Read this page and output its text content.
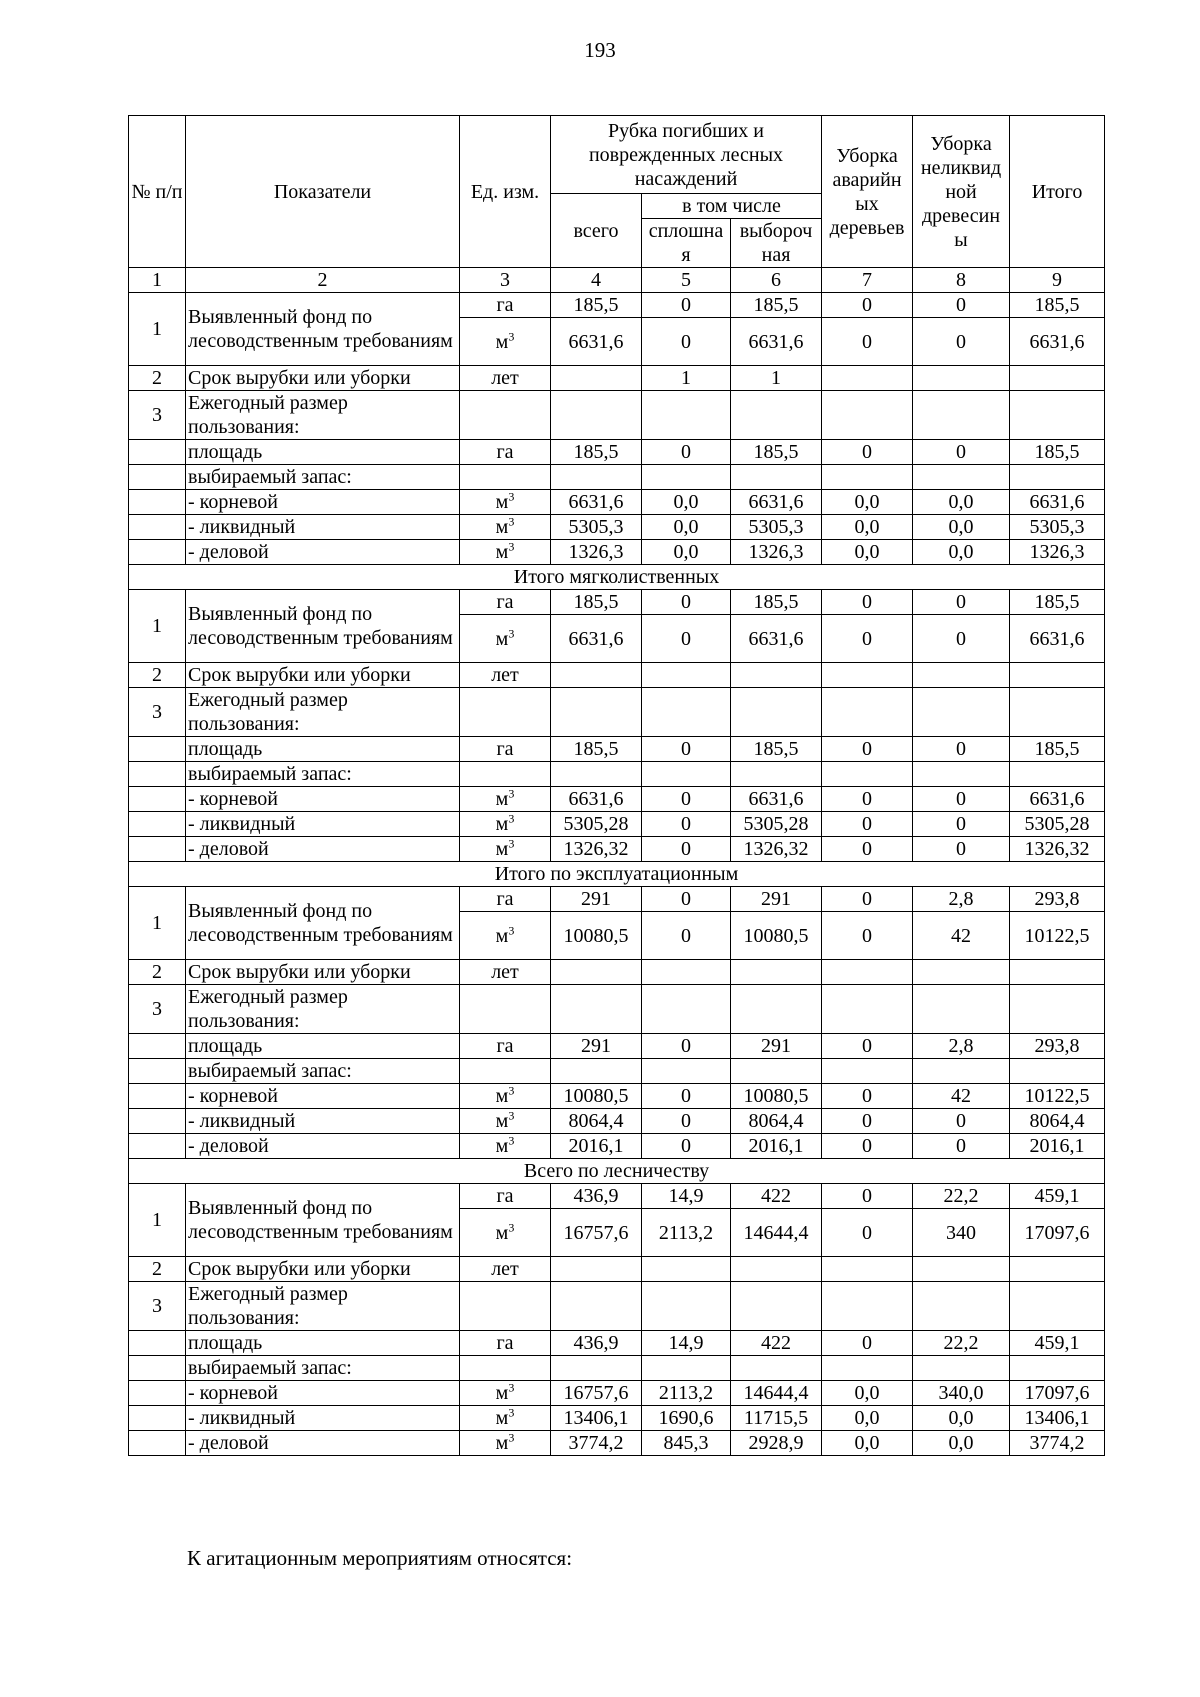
193
№ п/п	Показатели	Ед. изм.	Рубка погибших и поврежденных лесных насаждений			Уборка аварийн ых деревьев	Уборка неликвид ной древесин ы	Итого
			всего	в том числе				
				сплошна я	выбороч ная			
1	2	3	4	5	6	7	8	9
1	Выявленный фонд по лесоводственным требованиям	га	185,5	0	185,5	0	0	185,5
		$м^3$	6631,6	0	6631,6	0	0	6631,6
2	Срок вырубки или уборки	лет		1	1			
3	Ежегодный размер пользования:							
	площадь	га	185,5	0	185,5	0	0	185,5
	выбираемый запас:							
	- корневой	$м^3$	6631,6	0,0	6631,6	0,0	0,0	6631,6
	- ликвидный	$м^3$	5305,3	0,0	5305,3	0,0	0,0	5305,3
	- деловой	$м^3$	1326,3	0,0	1326,3	0,0	0,0	1326,3
Итого мягколиственных								
1	Выявленный фонд по лесоводственным требованиям	га	185,5	0	185,5	0	0	185,5
		$м^3$	6631,6	0	6631,6	0	0	6631,6
2	Срок вырубки или уборки	лет						
3	Ежегодный размер пользования:							
	площадь	га	185,5	0	185,5	0	0	185,5
	выбираемый запас:							
	- корневой	$м^3$	6631,6	0	6631,6	0	0	6631,6
	- ликвидный	$м^3$	5305,28	0	5305,28	0	0	5305,28
	- деловой	$м^3$	1326,32	0	1326,32	0	0	1326,32
Итого по эксплуатационным								
1	Выявленный фонд по лесоводственным требованиям	га	291	0	291	0	2,8	293,8
		$м^3$	10080,5	0	10080,5	0	42	10122,5
2	Срок вырубки или уборки	лет						
3	Ежегодный размер пользования:							
	площадь	га	291	0	291	0	2,8	293,8
	выбираемый запас:							
	- корневой	$м^3$	10080,5	0	10080,5	0	42	10122,5
	- ликвидный	$м^3$	8064,4	0	8064,4	0	0	8064,4
	- деловой	$м^3$	2016,1	0	2016,1	0	0	2016,1
Всего по лесничеству								
1	Выявленный фонд по лесоводственным требованиям	га	436,9	14,9	422	0	22,2	459,1
		$м^3$	16757,6	2113,2	14644,4	0	340	17097,6
2	Срок вырубки или уборки	лет						
3	Ежегодный размер пользования:							
	площадь	га	436,9	14,9	422	0	22,2	459,1
	выбираемый запас:							
	- корневой	$м^3$	16757,6	2113,2	14644,4	0,0	340,0	17097,6
	- ликвидный	$м^3$	13406,1	1690,6	11715,5	0,0	0,0	13406,1
	- деловой	$м^3$	3774,2	845,3	2928,9	0,0	0,0	3774,2
К агитационным мероприятиям относятся:
